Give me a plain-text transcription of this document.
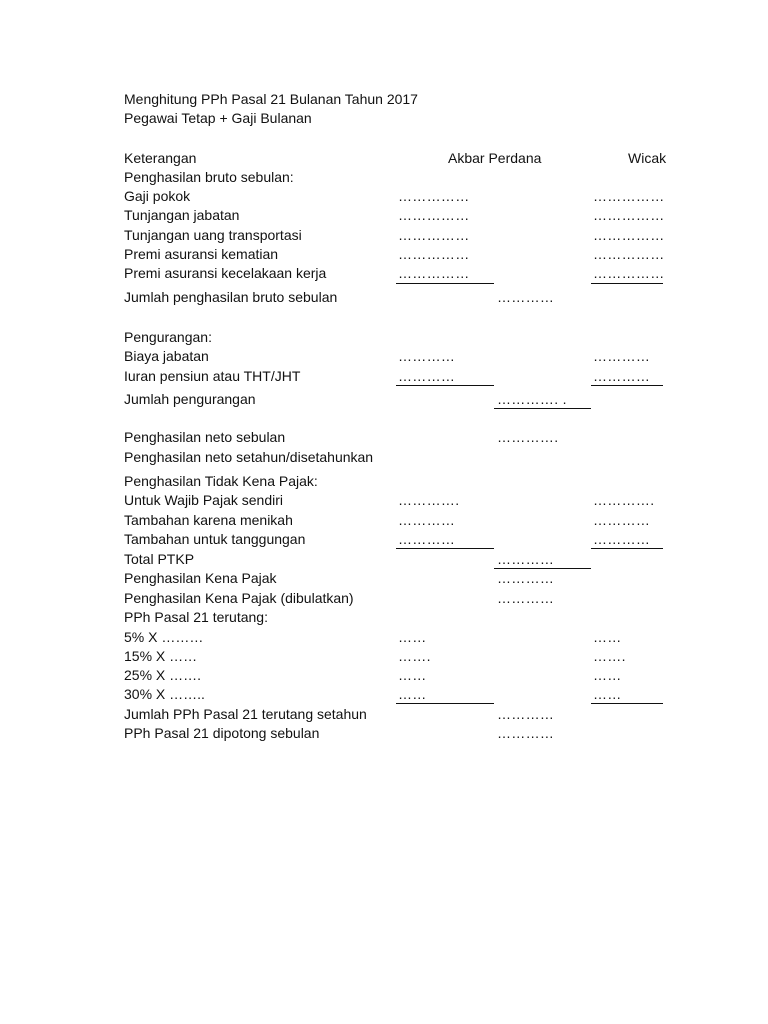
Menghitung PPh Pasal 21 Bulanan Tahun 2017
Pegawai Tetap + Gaji Bulanan
Keterangan	Akbar Perdana	Wicak
Penghasilan bruto sebulan:
Gaji pokok	……………	……………
Tunjangan jabatan	……………	……………
Tunjangan uang transportasi	……………	……………
Premi asuransi kematian	……………	……………
Premi asuransi kecelakaan kerja	……………	……………
Jumlah penghasilan bruto sebulan	…………
Pengurangan:
Biaya jabatan	…………	…………
Iuran pensiun atau THT/JHT	…………	…………
Jumlah pengurangan	…………. .
Penghasilan neto sebulan	………….
Penghasilan neto setahun/disetahunkan
Penghasilan Tidak Kena Pajak:
Untuk Wajib Pajak sendiri	………….	………….
Tambahan karena menikah	…………	…………
Tambahan untuk tanggungan	…………	…………
Total PTKP	…………
Penghasilan Kena Pajak	…………
Penghasilan Kena Pajak (dibulatkan)	…………
PPh Pasal 21 terutang:
5% X ………	……	……
15% X ……	…….	…….
25% X …….	……	……
30% X ……..	……	……
Jumlah PPh Pasal 21 terutang setahun	…………
PPh Pasal 21 dipotong sebulan	…………
